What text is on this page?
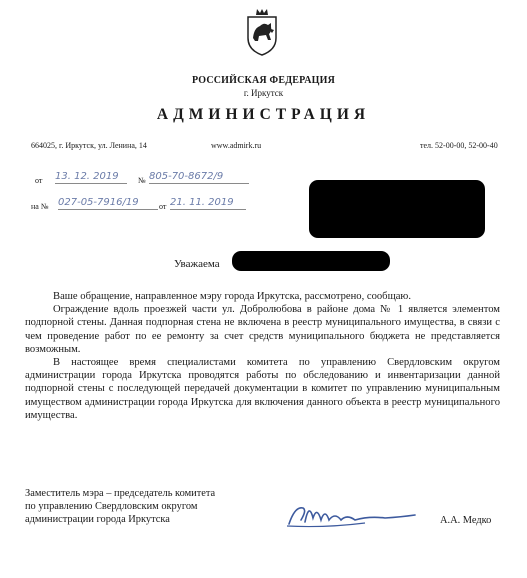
РОССИЙСКАЯ ФЕДЕРАЦИЯ
г. Иркутск
АДМИНИСТРАЦИЯ
664025, г. Иркутск, ул. Ленина, 14	www.admirk.ru	тел. 52-00-00, 52-00-40
от 13. 12. 2019	№ 805-70-8672/9
на № 027-05-7916/19	от 21. 11. 2019
Уважаема

Ваше обращение, направленное мэру города Иркутска, рассмотрено, сообщаю.

Ограждение вдоль проезжей части ул. Добролюбова в районе дома № 1 является элементом подпорной стены. Данная подпорная стена не включена в реестр муниципального имущества, в связи с чем проведение работ по ее ремонту за счет средств муниципального бюджета не представляется возможным.

В настоящее время специалистами комитета по управлению Свердловским округом администрации города Иркутска проводятся работы по обследованию и инвентаризации данной подпорной стены с последующей передачей документации в комитет по управлению муниципальным имуществом администрации города Иркутска для включения данного объекта в реестр муниципального имущества.

Заместитель мэра – председатель комитета
по управлению Свердловским округом
администрации города Иркутска	А.А. Медко
